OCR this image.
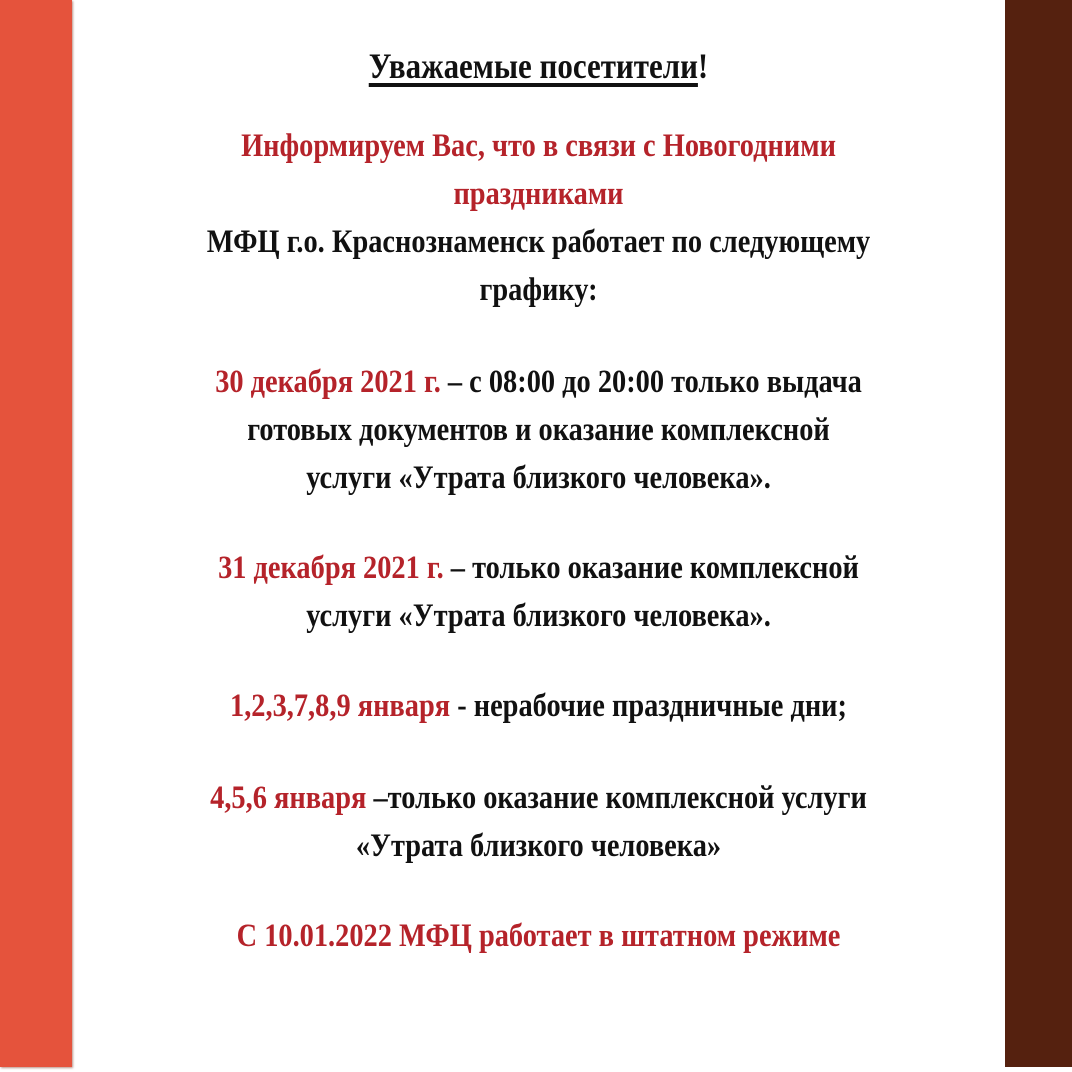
Уважаемые посетители!
Информируем Вас, что в связи с Новогодними
праздниками
МФЦ г.о. Краснознаменск работает по следующему
графику:
30 декабря 2021 г. – с 08:00 до 20:00 только выдача
готовых документов и оказание комплексной
услуги «Утрата близкого человека».
31 декабря 2021 г. – только оказание комплексной
услуги «Утрата близкого человека».
1,2,3,7,8,9 января - нерабочие праздничные дни;
4,5,6 января –только оказание комплексной услуги
«Утрата близкого человека»
С 10.01.2022 МФЦ работает в штатном режиме
